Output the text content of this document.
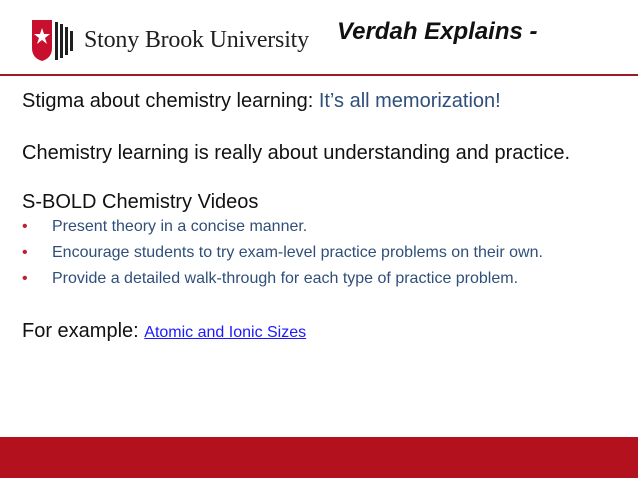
Stony Brook University Verdah Explains -
Stigma about chemistry learning: It’s all memorization!
Chemistry learning is really about understanding and practice.
S-BOLD Chemistry Videos
• Present theory in a concise manner.
• Encourage students to try exam-level practice problems on their own.
• Provide a detailed walk-through for each type of practice problem.
For example: Atomic and Ionic Sizes
